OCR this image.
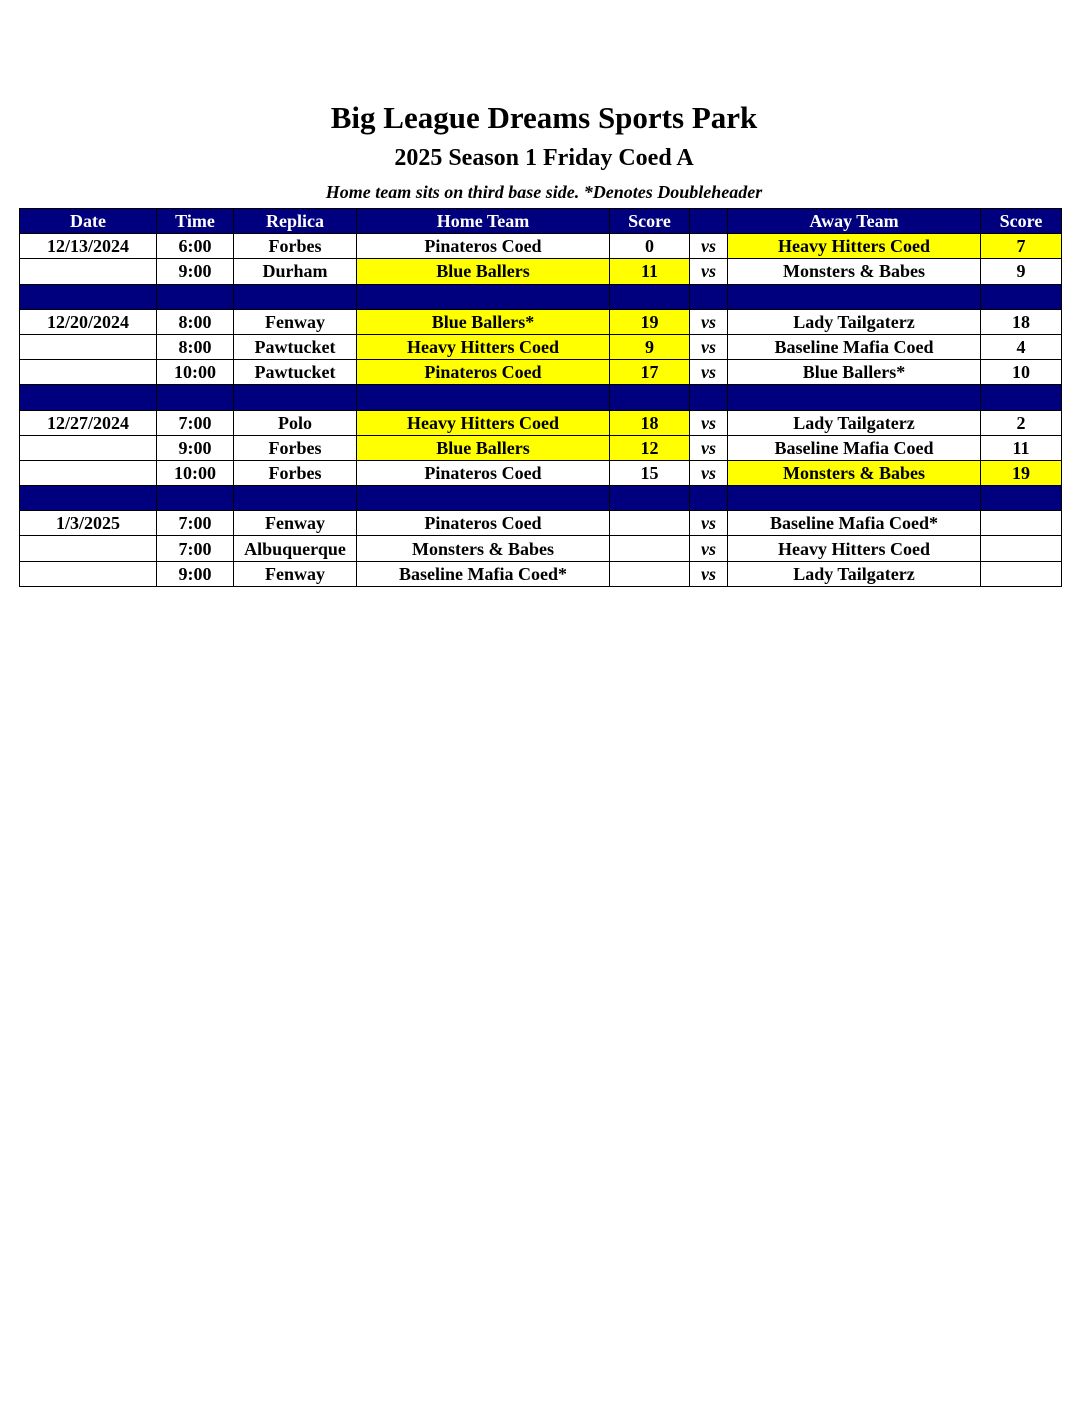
Big League Dreams Sports Park
2025 Season 1 Friday Coed A
Home team sits on third base side. *Denotes Doubleheader
Date	Time	Replica	Home Team	Score		Away Team	Score
12/13/2024	6:00	Forbes	Pinateros Coed	0	vs	Heavy Hitters Coed	7
	9:00	Durham	Blue Ballers	11	vs	Monsters & Babes	9

12/20/2024	8:00	Fenway	Blue Ballers*	19	vs	Lady Tailgaterz	18
	8:00	Pawtucket	Heavy Hitters Coed	9	vs	Baseline Mafia Coed	4
	10:00	Pawtucket	Pinateros Coed	17	vs	Blue Ballers*	10

12/27/2024	7:00	Polo	Heavy Hitters Coed	18	vs	Lady Tailgaterz	2
	9:00	Forbes	Blue Ballers	12	vs	Baseline Mafia Coed	11
	10:00	Forbes	Pinateros Coed	15	vs	Monsters & Babes	19

1/3/2025	7:00	Fenway	Pinateros Coed		vs	Baseline Mafia Coed*	
	7:00	Albuquerque	Monsters & Babes		vs	Heavy Hitters Coed	
	9:00	Fenway	Baseline Mafia Coed*		vs	Lady Tailgaterz	
